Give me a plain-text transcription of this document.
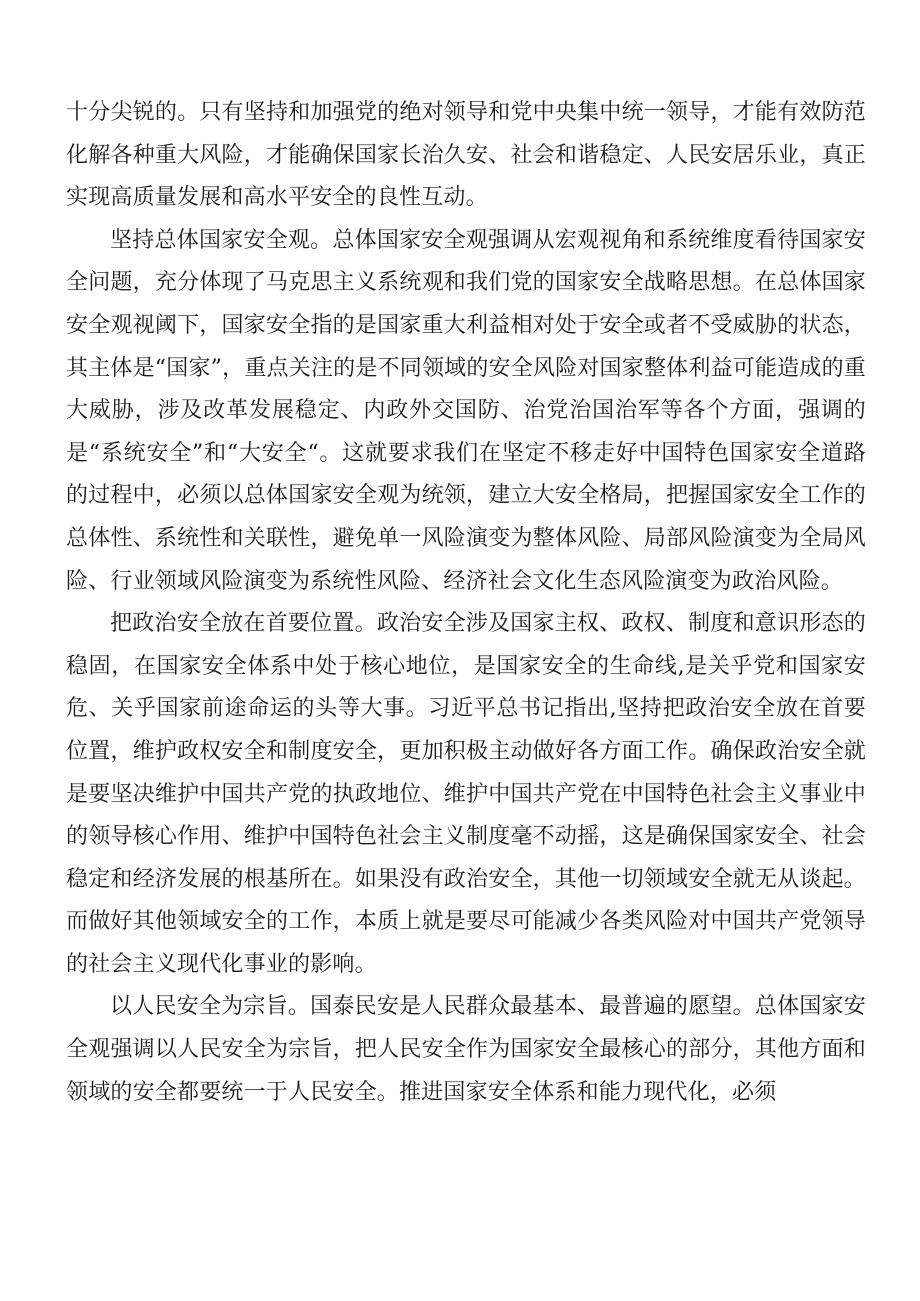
十分尖锐的。只有坚持和加强党的绝对领导和党中央集中统一领导，才能有效防范化解各种重大风险，才能确保国家长治久安、社会和谐稳定、人民安居乐业，真正实现高质量发展和高水平安全的良性互动。

坚持总体国家安全观。总体国家安全观强调从宏观视角和系统维度看待国家安全问题，充分体现了马克思主义系统观和我们党的国家安全战略思想。在总体国家安全观视阈下，国家安全指的是国家重大利益相对处于安全或者不受威胁的状态，其主体是“国家”，重点关注的是不同领域的安全风险对国家整体利益可能造成的重大威胁，涉及改革发展稳定、内政外交国防、治党治国治军等各个方面，强调的是“系统安全”和“大安全“。这就要求我们在坚定不移走好中国特色国家安全道路的过程中，必须以总体国家安全观为统领，建立大安全格局，把握国家安全工作的总体性、系统性和关联性，避免单一风险演变为整体风险、局部风险演变为全局风险、行业领域风险演变为系统性风险、经济社会文化生态风险演变为政治风险。

把政治安全放在首要位置。政治安全涉及国家主权、政权、制度和意识形态的稳固，在国家安全体系中处于核心地位，是国家安全的生命线,是关乎党和国家安危、关乎国家前途命运的头等大事。习近平总书记指出,坚持把政治安全放在首要位置，维护政权安全和制度安全，更加积极主动做好各方面工作。确保政治安全就是要坚决维护中国共产党的执政地位、维护中国共产党在中国特色社会主义事业中的领导核心作用、维护中国特色社会主义制度毫不动摇，这是确保国家安全、社会稳定和经济发展的根基所在。如果没有政治安全，其他一切领域安全就无从谈起。而做好其他领域安全的工作，本质上就是要尽可能减少各类风险对中国共产党领导的社会主义现代化事业的影响。

以人民安全为宗旨。国泰民安是人民群众最基本、最普遍的愿望。总体国家安全观强调以人民安全为宗旨，把人民安全作为国家安全最核心的部分，其他方面和领域的安全都要统一于人民安全。推进国家安全体系和能力现代化，必须
